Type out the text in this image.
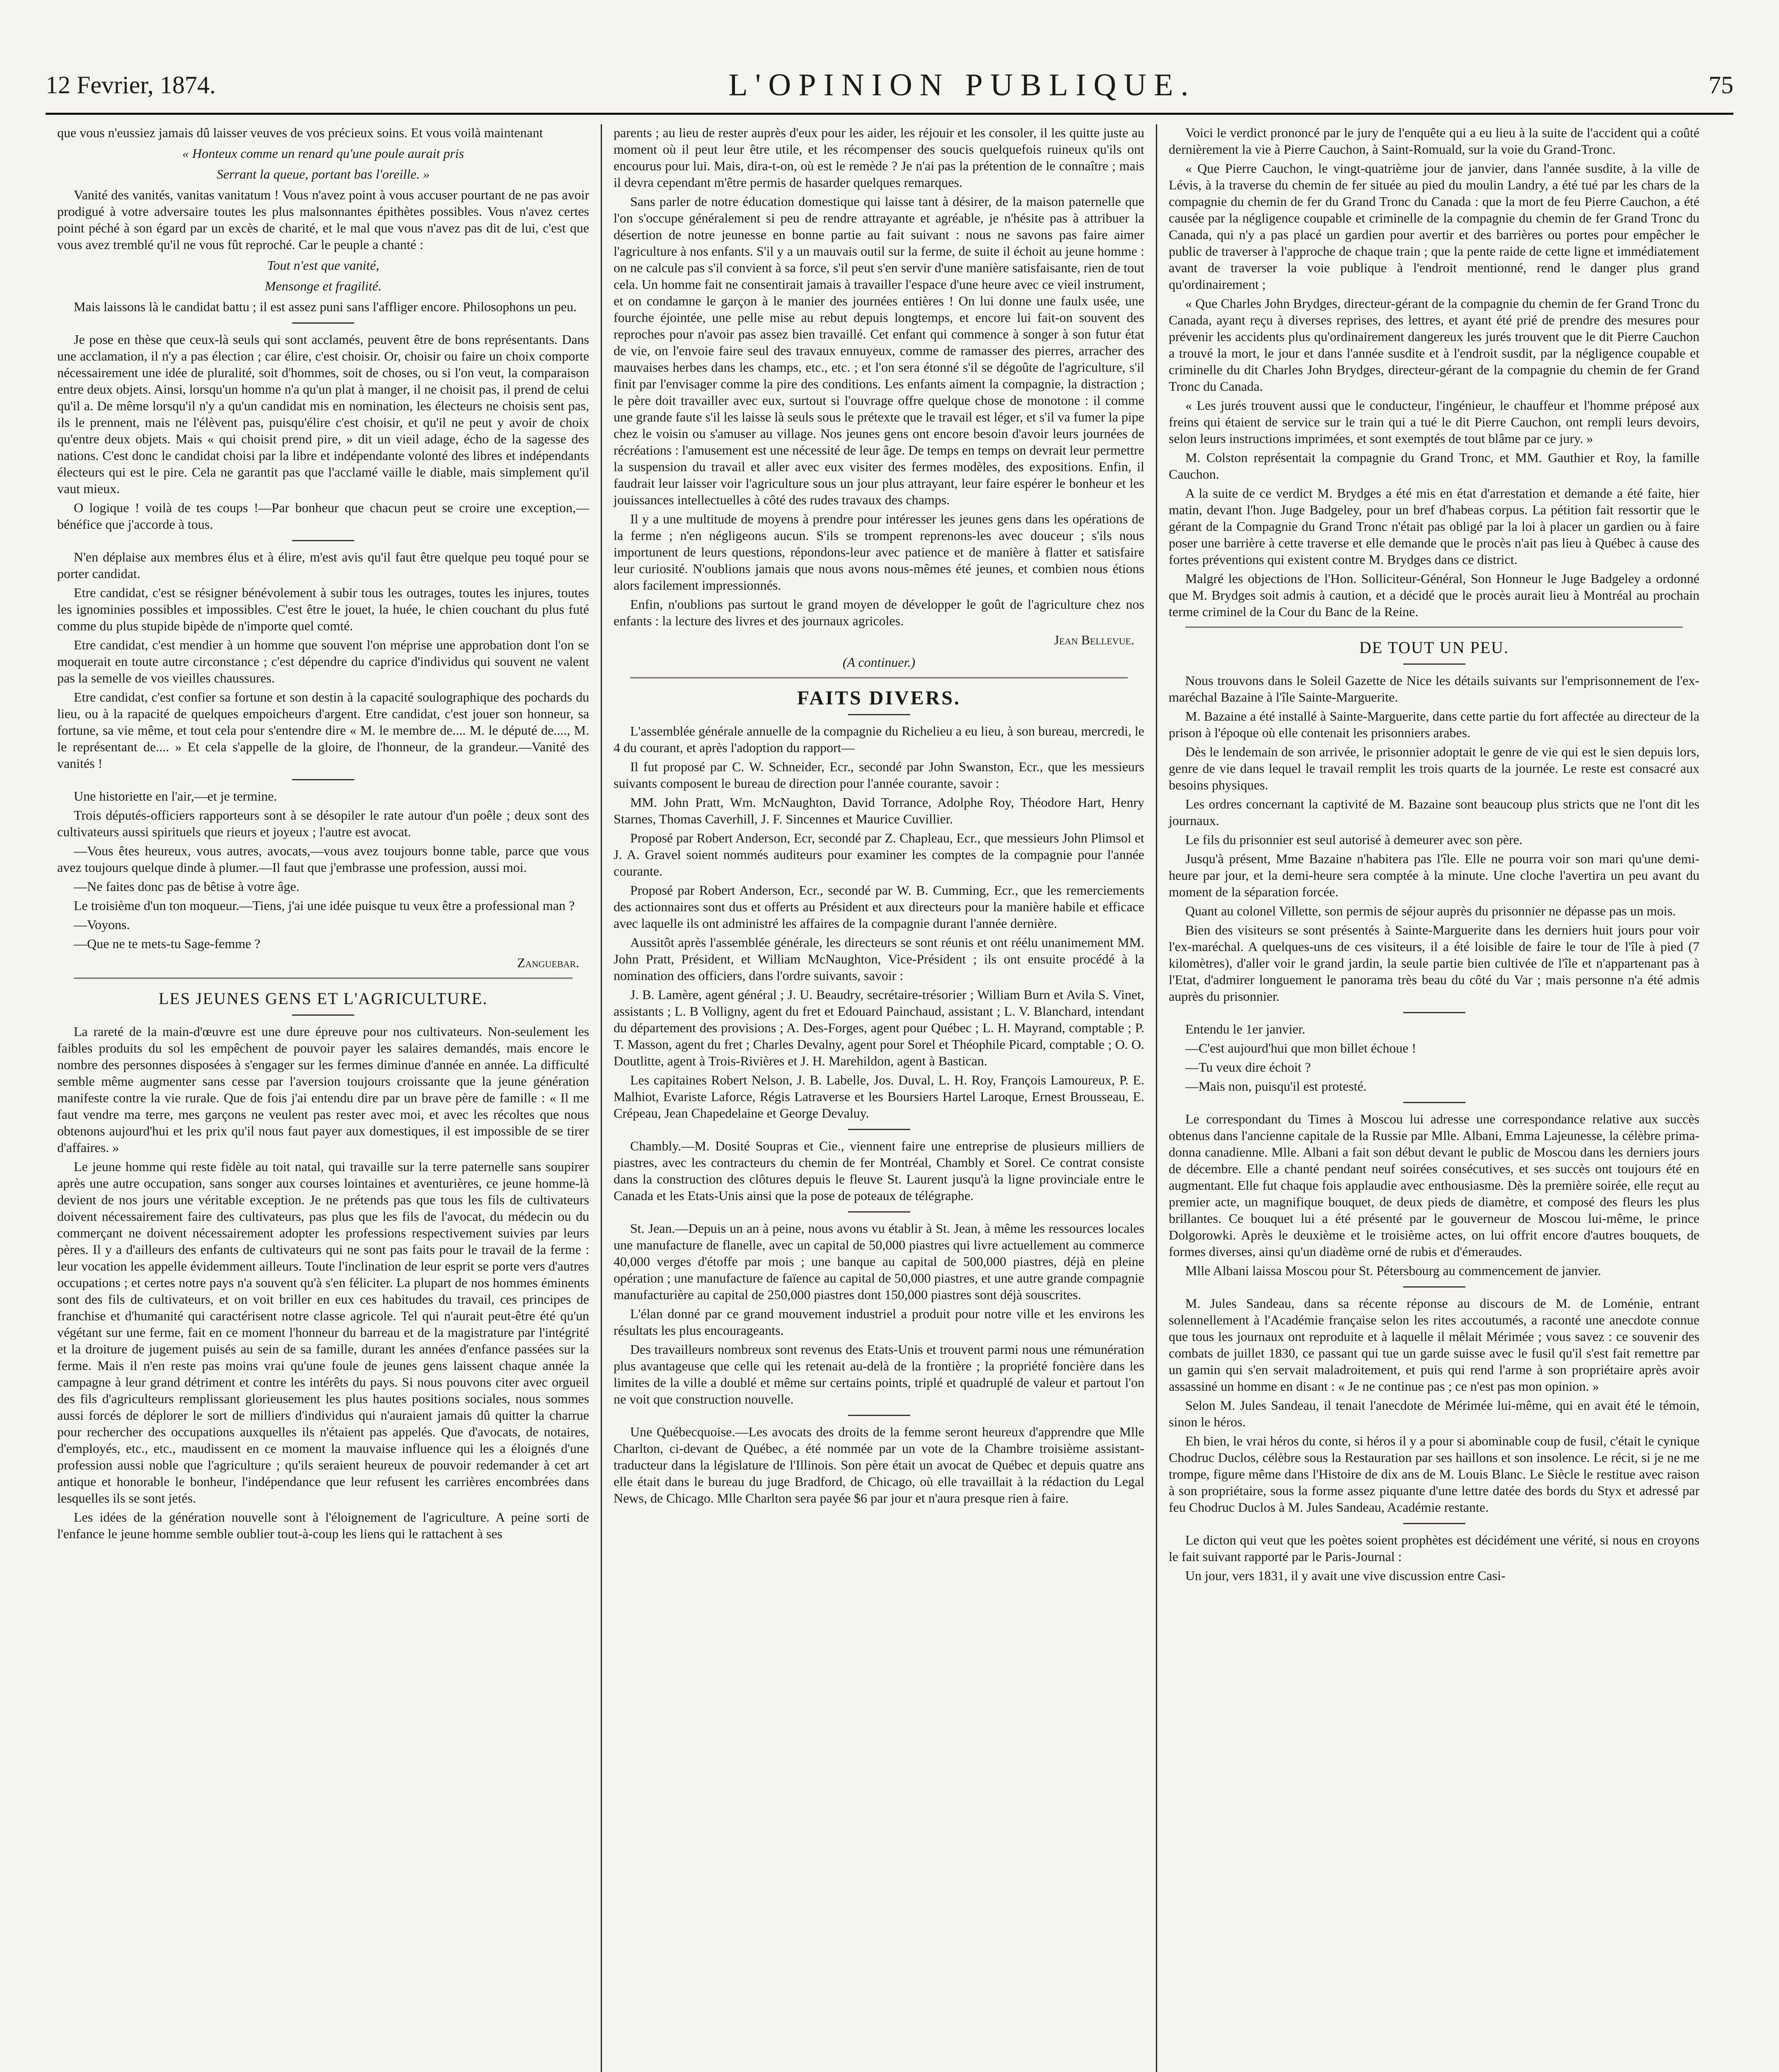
12 Fevrier, 1874.	L'OPINION PUBLIQUE.	75

que vous n'eussiez jamais dû laisser veuves de vos précieux soins. Et vous voilà maintenant

« Honteux comme un renard qu'une poule aurait pris
Serrant la queue, portant bas l'oreille. »

Vanité des vanités, vanitas vanitatum ! Vous n'avez point à vous accuser pourtant de ne pas avoir prodigué à votre adversaire toutes les plus malsonnantes épithètes possibles. Vous n'avez certes point péché à son égard par un excès de charité, et le mal que vous n'avez pas dit de lui, c'est que vous avez tremblé qu'il ne vous fût reproché. Car le peuple a chanté :

Tout n'est que vanité,
Mensonge et fragilité.

Mais laissons là le candidat battu ; il est assez puni sans l'affliger encore. Philosophons un peu.

Je pose en thèse que ceux-là seuls qui sont acclamés, peuvent être de bons représentants. Dans une acclamation, il n'y a pas élection ; car élire, c'est choisir. Or, choisir ou faire un choix comporte nécessairement une idée de pluralité, soit d'hommes, soit de choses, ou si l'on veut, la comparaison entre deux objets. Ainsi, lorsqu'un homme n'a qu'un plat à manger, il ne choisit pas, il prend de celui qu'il a. De même lorsqu'il n'y a qu'un candidat mis en nomination, les électeurs ne choisis sent pas, ils le prennent, mais ne l'élèvent pas, puisqu'élire c'est choisir, et qu'il ne peut y avoir de choix qu'entre deux objets. Mais « qui choisit prend pire, » dit un vieil adage, écho de la sagesse des nations. C'est donc le candidat choisi par la libre et indépendante volonté des libres et indépendants électeurs qui est le pire. Cela ne garantit pas que l'acclamé vaille le diable, mais simplement qu'il vaut mieux.

O logique ! voilà de tes coups !—Par bonheur que chacun peut se croire une exception,—bénéfice que j'accorde à tous.

N'en déplaise aux membres élus et à élire, m'est avis qu'il faut être quelque peu toqué pour se porter candidat.

Etre candidat, c'est se résigner bénévolement à subir tous les outrages, toutes les injures, toutes les ignominies possibles et impossibles. C'est être le jouet, la huée, le chien couchant du plus futé comme du plus stupide bipède de n'importe quel comté.

Etre candidat, c'est mendier à un homme que souvent l'on méprise une approbation dont l'on se moquerait en toute autre circonstance ; c'est dépendre du caprice d'individus qui souvent ne valent pas la semelle de vos vieilles chaussures.

Etre candidat, c'est confier sa fortune et son destin à la capacité soulographique des pochards du lieu, ou à la rapacité de quelques empoicheurs d'argent. Etre candidat, c'est jouer son honneur, sa fortune, sa vie même, et tout cela pour s'entendre dire « M. le membre de.... M. le député de...., M. le représentant de.... » Et cela s'appelle de la gloire, de l'honneur, de la grandeur.—Vanité des vanités !

Une historiette en l'air,—et je termine.

Trois députés-officiers rapporteurs sont à se désopiler le rate autour d'un poêle ; deux sont des cultivateurs aussi spirituels que rieurs et joyeux ; l'autre est avocat.

—Vous êtes heureux, vous autres, avocats,—vous avez toujours bonne table, parce que vous avez toujours quelque dinde à plumer.—Il faut que j'embrasse une profession, aussi moi.

—Ne faites donc pas de bêtise à votre âge.

Le troisième d'un ton moqueur.—Tiens, j'ai une idée puisque tu veux être a professional man ?

—Voyons.

—Que ne te mets-tu Sage-femme ?

Zanguebar.
LES JEUNES GENS ET L'AGRICULTURE.

La rareté de la main-d'œuvre est une dure épreuve pour nos cultivateurs. Non-seulement les faibles produits du sol les empêchent de pouvoir payer les salaires demandés, mais encore le nombre des personnes disposées à s'engager sur les fermes diminue d'année en année. La difficulté semble même augmenter sans cesse par l'aversion toujours croissante que la jeune génération manifeste contre la vie rurale. Que de fois j'ai entendu dire par un brave père de famille : « Il me faut vendre ma terre, mes garçons ne veulent pas rester avec moi, et avec les récoltes que nous obtenons aujourd'hui et les prix qu'il nous faut payer aux domestiques, il est impossible de se tirer d'affaires. »

Le jeune homme qui reste fidèle au toit natal, qui travaille sur la terre paternelle sans soupirer après une autre occupation, sans songer aux courses lointaines et aventurières, ce jeune homme-là devient de nos jours une véritable exception. Je ne prétends pas que tous les fils de cultivateurs doivent nécessairement faire des cultivateurs, pas plus que les fils de l'avocat, du médecin ou du commerçant ne doivent nécessairement adopter les professions respectivement suivies par leurs pères. Il y a d'ailleurs des enfants de cultivateurs qui ne sont pas faits pour le travail de la ferme : leur vocation les appelle évidemment ailleurs. Toute l'inclination de leur esprit se porte vers d'autres occupations ; et certes notre pays n'a souvent qu'à s'en féliciter. La plupart de nos hommes éminents sont des fils de cultivateurs, et on voit briller en eux ces habitudes du travail, ces principes de franchise et d'humanité qui caractérisent notre classe agricole. Tel qui n'aurait peut-être été qu'un végétant sur une ferme, fait en ce moment l'honneur du barreau et de la magistrature par l'intégrité et la droiture de jugement puisés au sein de sa famille, durant les années d'enfance passées sur la ferme. Mais il n'en reste pas moins vrai qu'une foule de jeunes gens laissent chaque année la campagne à leur grand détriment et contre les intérêts du pays. Si nous pouvons citer avec orgueil des fils d'agriculteurs remplissant glorieusement les plus hautes positions sociales, nous sommes aussi forcés de déplorer le sort de milliers d'individus qui n'auraient jamais dû quitter la charrue pour rechercher des occupations auxquelles ils n'étaient pas appelés. Que d'avocats, de notaires, d'employés, etc., etc., maudissent en ce moment la mauvaise influence qui les a éloignés d'une profession aussi noble que l'agriculture ; qu'ils seraient heureux de pouvoir redemander à cet art antique et honorable le bonheur, l'indépendance que leur refusent les carrières encombrées dans lesquelles ils se sont jetés.

Les idées de la génération nouvelle sont à l'éloignement de l'agriculture. A peine sorti de l'enfance le jeune homme semble oublier tout-à-coup les liens qui le rattachent à ses

parents ; au lieu de rester auprès d'eux pour les aider, les réjouir et les consoler, il les quitte juste au moment où il peut leur être utile, et les récompenser des soucis quelquefois ruineux qu'ils ont encourus pour lui. Mais, dira-t-on, où est le remède ? Je n'ai pas la prétention de le connaître ; mais il devra cependant m'être permis de hasarder quelques remarques.

Sans parler de notre éducation domestique qui laisse tant à désirer, de la maison paternelle que l'on s'occupe généralement si peu de rendre attrayante et agréable, je n'hésite pas à attribuer la désertion de notre jeunesse en bonne partie au fait suivant : nous ne savons pas faire aimer l'agriculture à nos enfants. S'il y a un mauvais outil sur la ferme, de suite il échoit au jeune homme : on ne calcule pas s'il convient à sa force, s'il peut s'en servir d'une manière satisfaisante, rien de tout cela. Un homme fait ne consentirait jamais à travailler l'espace d'une heure avec ce vieil instrument, et on condamne le garçon à le manier des journées entières ! On lui donne une faulx usée, une fourche éjointée, une pelle mise au rebut depuis longtemps, et encore lui fait-on souvent des reproches pour n'avoir pas assez bien travaillé. Cet enfant qui commence à songer à son futur état de vie, on l'envoie faire seul des travaux ennuyeux, comme de ramasser des pierres, arracher des mauvaises herbes dans les champs, etc., etc. ; et l'on sera étonné s'il se dégoûte de l'agriculture, s'il finit par l'envisager comme la pire des conditions. Les enfants aiment la compagnie, la distraction ; le père doit travailler avec eux, surtout si l'ouvrage offre quelque chose de monotone : il comme une grande faute s'il les laisse là seuls sous le prétexte que le travail est léger, et s'il va fumer la pipe chez le voisin ou s'amuser au village. Nos jeunes gens ont encore besoin d'avoir leurs journées de récréations : l'amusement est une nécessité de leur âge. De temps en temps on devrait leur permettre la suspension du travail et aller avec eux visiter des fermes modèles, des expositions. Enfin, il faudrait leur laisser voir l'agriculture sous un jour plus attrayant, leur faire espérer le bonheur et les jouissances intellectuelles à côté des rudes travaux des champs.

Il y a une multitude de moyens à prendre pour intéresser les jeunes gens dans les opérations de la ferme ; n'en négligeons aucun. S'ils se trompent reprenons-les avec douceur ; s'ils nous importunent de leurs questions, répondons-leur avec patience et de manière à flatter et satisfaire leur curiosité. N'oublions jamais que nous avons nous-mêmes été jeunes, et combien nous étions alors facilement impressionnés.

Enfin, n'oublions pas surtout le grand moyen de développer le goût de l'agriculture chez nos enfants : la lecture des livres et des journaux agricoles.

Jean Bellevue.
(A continuer.)
FAITS DIVERS.

L'assemblée générale annuelle de la compagnie du Richelieu a eu lieu, à son bureau, mercredi, le 4 du courant, et après l'adoption du rapport—

Il fut proposé par C. W. Schneider, Ecr., secondé par John Swanston, Ecr., que les messieurs suivants composent le bureau de direction pour l'année courante, savoir :

MM. John Pratt, Wm. McNaughton, David Torrance, Adolphe Roy, Théodore Hart, Henry Starnes, Thomas Caverhill, J. F. Sincennes et Maurice Cuvillier.

Proposé par Robert Anderson, Ecr, secondé par Z. Chapleau, Ecr., que messieurs John Plimsol et J. A. Gravel soient nommés auditeurs pour examiner les comptes de la compagnie pour l'année courante.

Proposé par Robert Anderson, Ecr., secondé par W. B. Cumming, Ecr., que les remerciements des actionnaires sont dus et offerts au Président et aux directeurs pour la manière habile et efficace avec laquelle ils ont administré les affaires de la compagnie durant l'année dernière.

Aussitôt après l'assemblée générale, les directeurs se sont réunis et ont réélu unanimement MM. John Pratt, Président, et William McNaughton, Vice-Président ; ils ont ensuite procédé à la nomination des officiers, dans l'ordre suivants, savoir :

J. B. Lamère, agent général ; J. U. Beaudry, secrétaire-trésorier ; William Burn et Avila S. Vinet, assistants ; L. B Volligny, agent du fret et Edouard Painchaud, assistant ; L. V. Blanchard, intendant du département des provisions ; A. Des-Forges, agent pour Québec ; L. H. Mayrand, comptable ; P. T. Masson, agent du fret ; Charles Devalny, agent pour Sorel et Théophile Picard, comptable ; O. O. Doutlitte, agent à Trois-Rivières et J. H. Marehildon, agent à Bastican.

Les capitaines Robert Nelson, J. B. Labelle, Jos. Duval, L. H. Roy, François Lamoureux, P. E. Malhiot, Evariste Laforce, Régis Latraverse et les Boursiers Hartel Laroque, Ernest Brousseau, E. Crépeau, Jean Chapedelaine et George Devaluy.

Chambly.—M. Dosité Soupras et Cie., viennent faire une entreprise de plusieurs milliers de piastres, avec les contracteurs du chemin de fer Montréal, Chambly et Sorel. Ce contrat consiste dans la construction des clôtures depuis le fleuve St. Laurent jusqu'à la ligne provinciale entre le Canada et les Etats-Unis ainsi que la pose de poteaux de télégraphe.

St. Jean.—Depuis un an à peine, nous avons vu établir à St. Jean, à même les ressources locales une manufacture de flanelle, avec un capital de 50,000 piastres qui livre actuellement au commerce 40,000 verges d'étoffe par mois ; une banque au capital de 500,000 piastres, déjà en pleine opération ; une manufacture de faïence au capital de 50,000 piastres, et une autre grande compagnie manufacturière au capital de 250,000 piastres dont 150,000 piastres sont déjà souscrites.

L'élan donné par ce grand mouvement industriel a produit pour notre ville et les environs les résultats les plus encourageants.

Des travailleurs nombreux sont revenus des Etats-Unis et trouvent parmi nous une rémunération plus avantageuse que celle qui les retenait au-delà de la frontière ; la propriété foncière dans les limites de la ville a doublé et même sur certains points, triplé et quadruplé de valeur et partout l'on ne voit que construction nouvelle.

Une Québecquoise.—Les avocats des droits de la femme seront heureux d'apprendre que Mlle Charlton, ci-devant de Québec, a été nommée par un vote de la Chambre troisième assistant-traducteur dans la législature de l'Illinois. Son père était un avocat de Québec et depuis quatre ans elle était dans le bureau du juge Bradford, de Chicago, où elle travaillait à la rédaction du Legal News, de Chicago. Mlle Charlton sera payée $6 par jour et n'aura presque rien à faire.

Voici le verdict prononcé par le jury de l'enquête qui a eu lieu à la suite de l'accident qui a coûté dernièrement la vie à Pierre Cauchon, à Saint-Romuald, sur la voie du Grand-Tronc.

« Que Pierre Cauchon, le vingt-quatrième jour de janvier, dans l'année susdite, à la ville de Lévis, à la traverse du chemin de fer située au pied du moulin Landry, a été tué par les chars de la compagnie du chemin de fer du Grand Tronc du Canada : que la mort de feu Pierre Cauchon, a été causée par la négligence coupable et criminelle de la compagnie du chemin de fer Grand Tronc du Canada, qui n'y a pas placé un gardien pour avertir et des barrières ou portes pour empêcher le public de traverser à l'approche de chaque train ; que la pente raide de cette ligne et immédiatement avant de traverser la voie publique à l'endroit mentionné, rend le danger plus grand qu'ordinairement ;

« Que Charles John Brydges, directeur-gérant de la compagnie du chemin de fer Grand Tronc du Canada, ayant reçu à diverses reprises, des lettres, et ayant été prié de prendre des mesures pour prévenir les accidents plus qu'ordinairement dangereux les jurés trouvent que le dit Pierre Cauchon a trouvé la mort, le jour et dans l'année susdite et à l'endroit susdit, par la négligence coupable et criminelle du dit Charles John Brydges, directeur-gérant de la compagnie du chemin de fer Grand Tronc du Canada.

« Les jurés trouvent aussi que le conducteur, l'ingénieur, le chauffeur et l'homme préposé aux freins qui étaient de service sur le train qui a tué le dit Pierre Cauchon, ont rempli leurs devoirs, selon leurs instructions imprimées, et sont exemptés de tout blâme par ce jury. »

M. Colston représentait la compagnie du Grand Tronc, et MM. Gauthier et Roy, la famille Cauchon.

A la suite de ce verdict M. Brydges a été mis en état d'arrestation et demande a été faite, hier matin, devant l'hon. Juge Badgeley, pour un bref d'habeas corpus. La pétition fait ressortir que le gérant de la Compagnie du Grand Tronc n'était pas obligé par la loi à placer un gardien ou à faire poser une barrière à cette traverse et elle demande que le procès n'ait pas lieu à Québec à cause des fortes préventions qui existent contre M. Brydges dans ce district.

Malgré les objections de l'Hon. Solliciteur-Général, Son Honneur le Juge Badgeley a ordonné que M. Brydges soit admis à caution, et a décidé que le procès aurait lieu à Montréal au prochain terme criminel de la Cour du Banc de la Reine.

DE TOUT UN PEU.

Nous trouvons dans le Soleil Gazette de Nice les détails suivants sur l'emprisonnement de l'ex-maréchal Bazaine à l'île Sainte-Marguerite.

M. Bazaine a été installé à Sainte-Marguerite, dans cette partie du fort affectée au directeur de la prison à l'époque où elle contenait les prisonniers arabes.

Dès le lendemain de son arrivée, le prisonnier adoptait le genre de vie qui est le sien depuis lors, genre de vie dans lequel le travail remplit les trois quarts de la journée. Le reste est consacré aux besoins physiques.

Les ordres concernant la captivité de M. Bazaine sont beaucoup plus stricts que ne l'ont dit les journaux.

Le fils du prisonnier est seul autorisé à demeurer avec son père.

Jusqu'à présent, Mme Bazaine n'habitera pas l'île. Elle ne pourra voir son mari qu'une demi-heure par jour, et la demi-heure sera comptée à la minute. Une cloche l'avertira un peu avant du moment de la séparation forcée.

Quant au colonel Villette, son permis de séjour auprès du prisonnier ne dépasse pas un mois.

Bien des visiteurs se sont présentés à Sainte-Marguerite dans les derniers huit jours pour voir l'ex-maréchal. A quelques-uns de ces visiteurs, il a été loisible de faire le tour de l'île à pied (7 kilomètres), d'aller voir le grand jardin, la seule partie bien cultivée de l'île et n'appartenant pas à l'Etat, d'admirer longuement le panorama très beau du côté du Var ; mais personne n'a été admis auprès du prisonnier.

Entendu le 1er janvier.

—C'est aujourd'hui que mon billet échoue !

—Tu veux dire échoit ?

—Mais non, puisqu'il est protesté.

Le correspondant du Times à Moscou lui adresse une correspondance relative aux succès obtenus dans l'ancienne capitale de la Russie par Mlle. Albani, Emma Lajeunesse, la célèbre prima-donna canadienne. Mlle. Albani a fait son début devant le public de Moscou dans les derniers jours de décembre. Elle a chanté pendant neuf soirées consécutives, et ses succès ont toujours été en augmentant. Elle fut chaque fois applaudie avec enthousiasme. Dès la première soirée, elle reçut au premier acte, un magnifique bouquet, de deux pieds de diamètre, et composé des fleurs les plus brillantes. Ce bouquet lui a été présenté par le gouverneur de Moscou lui-même, le prince Dolgorowki. Après le deuxième et le troisième actes, on lui offrit encore d'autres bouquets, de formes diverses, ainsi qu'un diadème orné de rubis et d'émeraudes.

Mlle Albani laissa Moscou pour St. Pétersbourg au commencement de janvier.

M. Jules Sandeau, dans sa récente réponse au discours de M. de Loménie, entrant solennellement à l'Académie française selon les rites accoutumés, a raconté une anecdote connue que tous les journaux ont reproduite et à laquelle il mêlait Mérimée ; vous savez : ce souvenir des combats de juillet 1830, ce passant qui tue un garde suisse avec le fusil qu'il s'est fait remettre par un gamin qui s'en servait maladroitement, et puis qui rend l'arme à son propriétaire après avoir assassiné un homme en disant : « Je ne continue pas ; ce n'est pas mon opinion. »

Selon M. Jules Sandeau, il tenait l'anecdote de Mérimée lui-même, qui en avait été le témoin, sinon le héros.

Eh bien, le vrai héros du conte, si héros il y a pour si abominable coup de fusil, c'était le cynique Chodruc Duclos, célèbre sous la Restauration par ses haillons et son insolence. Le récit, si je ne me trompe, figure même dans l'Histoire de dix ans de M. Louis Blanc. Le Siècle le restitue avec raison à son propriétaire, sous la forme assez piquante d'une lettre datée des bords du Styx et adressé par feu Chodruc Duclos à M. Jules Sandeau, Académie restante.

Le dicton qui veut que les poètes soient prophètes est décidément une vérité, si nous en croyons le fait suivant rapporté par le Paris-Journal :

Un jour, vers 1831, il y avait une vive discussion entre Casi-
